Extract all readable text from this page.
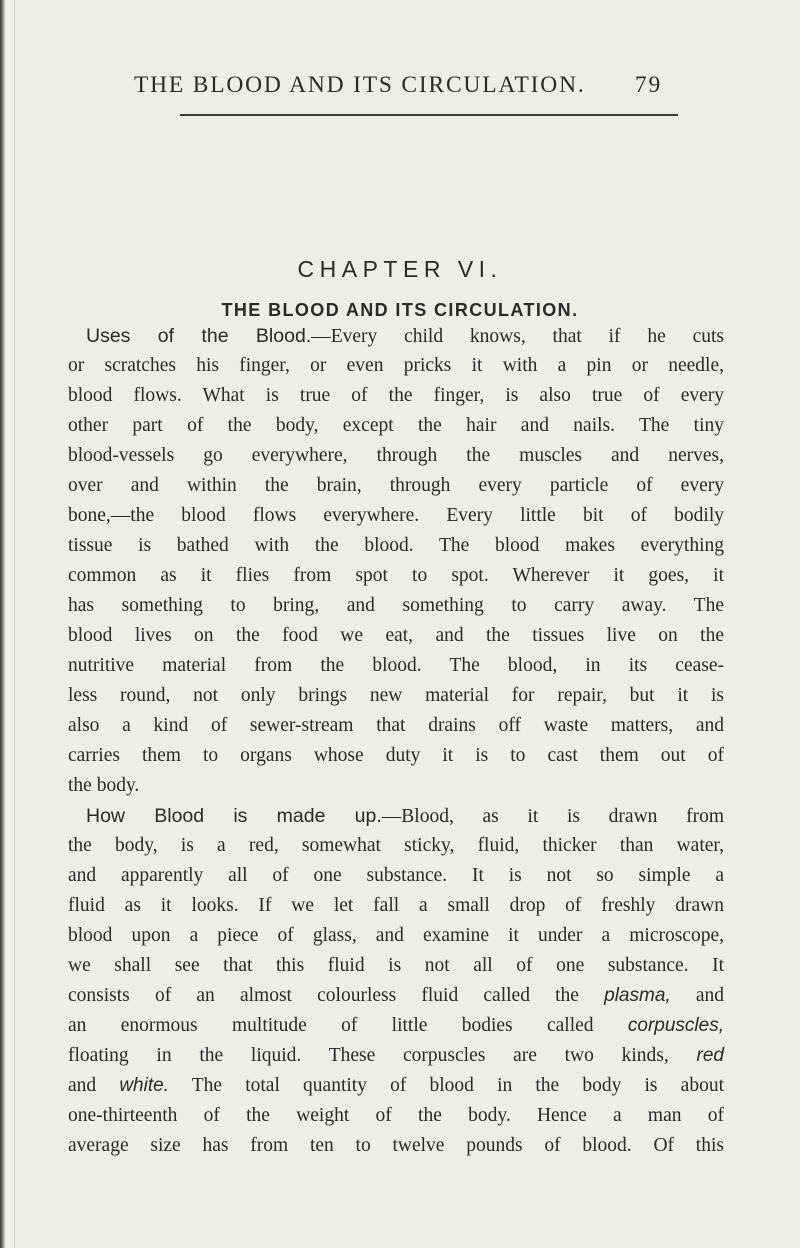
THE BLOOD AND ITS CIRCULATION. 79
CHAPTER VI.
THE BLOOD AND ITS CIRCULATION.
Uses of the Blood.—Every child knows, that if he cuts
or scratches his finger, or even pricks it with a pin or needle,
blood flows. What is true of the finger, is also true of every
other part of the body, except the hair and nails. The tiny
blood-vessels go everywhere, through the muscles and nerves,
over and within the brain, through every particle of every
bone,—the blood flows everywhere. Every little bit of bodily
tissue is bathed with the blood. The blood makes everything
common as it flies from spot to spot. Wherever it goes, it
has something to bring, and something to carry away. The
blood lives on the food we eat, and the tissues live on the
nutritive material from the blood. The blood, in its cease-
less round, not only brings new material for repair, but it is
also a kind of sewer-stream that drains off waste matters, and
carries them to organs whose duty it is to cast them out of
the body.
How Blood is made up.—Blood, as it is drawn from
the body, is a red, somewhat sticky, fluid, thicker than water,
and apparently all of one substance. It is not so simple a
fluid as it looks. If we let fall a small drop of freshly drawn
blood upon a piece of glass, and examine it under a microscope,
we shall see that this fluid is not all of one substance. It
consists of an almost colourless fluid called the plasma, and
an enormous multitude of little bodies called corpuscles,
floating in the liquid. These corpuscles are two kinds, red
and white. The total quantity of blood in the body is about
one-thirteenth of the weight of the body. Hence a man of
average size has from ten to twelve pounds of blood. Of this
